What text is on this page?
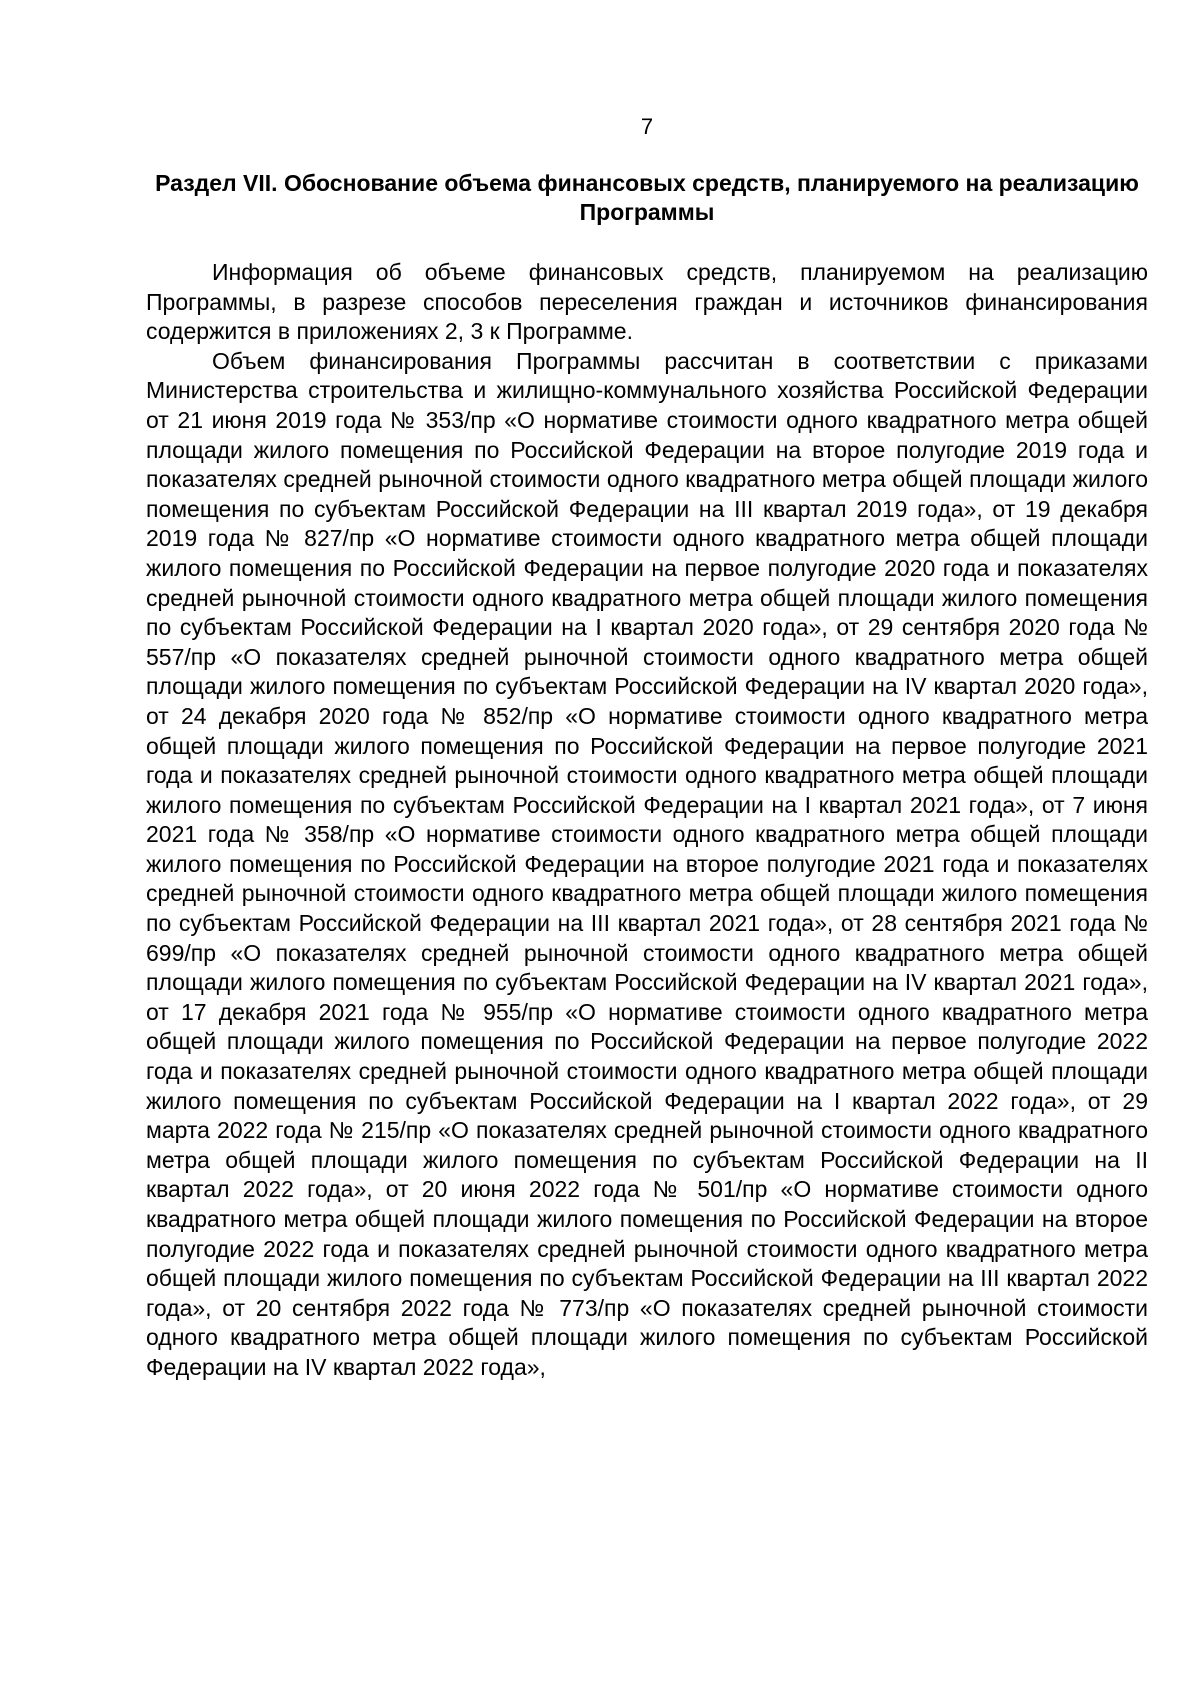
7
Раздел VII. Обоснование объема финансовых средств, планируемого на реализацию Программы

Информация об объеме финансовых средств, планируемом на реализацию Программы, в разрезе способов переселения граждан и источников финансирования содержится в приложениях 2, 3 к Программе.

Объем финансирования Программы рассчитан в соответствии с приказами Министерства строительства и жилищно-коммунального хозяйства Российской Федерации от 21 июня 2019 года № 353/пр «О нормативе стоимости одного квадратного метра общей площади жилого помещения по Российской Федерации на второе полугодие 2019 года и показателях средней рыночной стоимости одного квадратного метра общей площади жилого помещения по субъектам Российской Федерации на III квартал 2019 года», от 19 декабря 2019 года № 827/пр «О нормативе стоимости одного квадратного метра общей площади жилого помещения по Российской Федерации на первое полугодие 2020 года и показателях средней рыночной стоимости одного квадратного метра общей площади жилого помещения по субъектам Российской Федерации на I квартал 2020 года», от 29 сентября 2020 года № 557/пр «О показателях средней рыночной стоимости одного квадратного метра общей площади жилого помещения по субъектам Российской Федерации на IV квартал 2020 года», от 24 декабря 2020 года № 852/пр «О нормативе стоимости одного квадратного метра общей площади жилого помещения по Российской Федерации на первое полугодие 2021 года и показателях средней рыночной стоимости одного квадратного метра общей площади жилого помещения по субъектам Российской Федерации на I квартал 2021 года», от 7 июня 2021 года № 358/пр «О нормативе стоимости одного квадратного метра общей площади жилого помещения по Российской Федерации на второе полугодие 2021 года и показателях средней рыночной стоимости одного квадратного метра общей площади жилого помещения по субъектам Российской Федерации на III квартал 2021 года», от 28 сентября 2021 года № 699/пр «О показателях средней рыночной стоимости одного квадратного метра общей площади жилого помещения по субъектам Российской Федерации на IV квартал 2021 года», от 17 декабря 2021 года № 955/пр «О нормативе стоимости одного квадратного метра общей площади жилого помещения по Российской Федерации на первое полугодие 2022 года и показателях средней рыночной стоимости одного квадратного метра общей площади жилого помещения по субъектам Российской Федерации на I квартал 2022 года», от 29 марта 2022 года № 215/пр «О показателях средней рыночной стоимости одного квадратного метра общей площади жилого помещения по субъектам Российской Федерации на II квартал 2022 года», от 20 июня 2022 года № 501/пр «О нормативе стоимости одного квадратного метра общей площади жилого помещения по Российской Федерации на второе полугодие 2022 года и показателях средней рыночной стоимости одного квадратного метра общей площади жилого помещения по субъектам Российской Федерации на III квартал 2022 года», от 20 сентября 2022 года № 773/пр «О показателях средней рыночной стоимости одного квадратного метра общей площади жилого помещения по субъектам Российской Федерации на IV квартал 2022 года»,
